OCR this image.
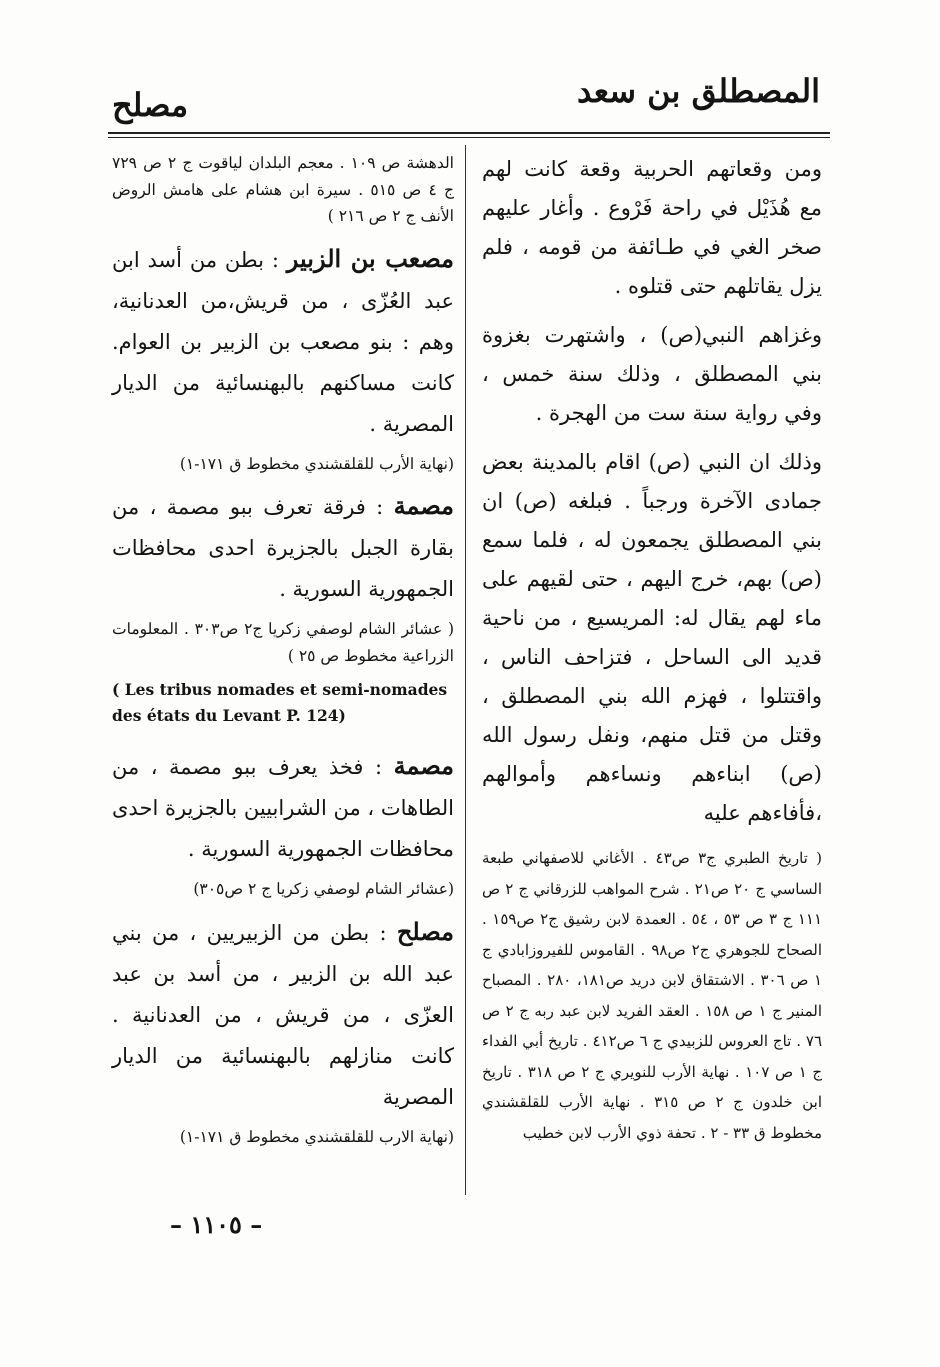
المصطلق بن سعد
مصلح

ومن وقعاتهم الحربية وقعة كانت لهم مع هُذَيْل في راحة فَرْوع . وأغار عليهم صخر الغي في طـائفة من قومه ، فلم يزل يقاتلهم حتى قتلوه .

وغزاهم النبي(ص) ، واشتهرت بغزوة بني المصطلق ، وذلك سنة خمس ، وفي رواية سنة ست من الهجرة .

وذلك ان النبي (ص) اقام بالمدينة بعض جمادى الآخرة ورجباً . فبلغه (ص) ان بني المصطلق يجمعون له ، فلما سمع (ص) بهم، خرج اليهم ، حتى لقيهم على ماء لهم يقال له: المريسيع ، من ناحية قديد الى الساحل ، فتزاحف الناس ، واقتتلوا ، فهزم الله بني المصطلق ، وقتل من قتل منهم، ونفل رسول الله (ص) ابناءهم ونساءهم وأموالهم ،فأفاءهم عليه

( تاريخ الطبري ج٣ ص٤٣ . الأغاني للاصفهاني طبعة الساسي ج ٢٠ ص٢١ . شرح المواهب للزرقاني ج ٢ ص ١١١ ج ٣ ص ٥٣ ، ٥٤ . العمدة لابن رشيق ج٢ ص١٥٩ . الصحاح للجوهري ج٢ ص٩٨ . القاموس للفيروزابادي ج ١ ص ٣٠٦ . الاشتقاق لابن دريد ص١٨١، ٢٨٠ . المصباح المنير ج ١ ص ١٥٨ . العقد الفريد لابن عبد ربه ج ٢ ص ٧٦ . تاج العروس للزبيدي ج ٦ ص٤١٢ . تاريخ أبي الفداء ج ١ ص ١٠٧ . نهاية الأرب للنويري ج ٢ ص ٣١٨ . تاريخ ابن خلدون ج ٢ ص ٣١٥ . نهاية الأرب للقلقشندي مخطوط ق ٣٣ - ٢ . تحفة ذوي الأرب لابن خطيب

الدهشة ص ١٠٩ . معجم البلدان لياقوت ج ٢ ص ٧٢٩ ج ٤ ص ٥١٥ . سيرة ابن هشام على هامش الروض الأنف ج ٢ ص ٢١٦ )

مصعب بن الزبير : بطن من أسد ابن عبد العُزّى ، من قريش،من العدنانية، وهم : بنو مصعب بن الزبير بن العوام. كانت مساكنهم بالبهنسائية من الديار المصرية .

(نهاية الأرب للقلقشندي مخطوط ق ١٧١-١)

مصمة : فرقة تعرف ببو مصمة ، من بقارة الجبل بالجزيرة احدى محافظات الجمهورية السورية .

( عشائر الشام لوصفي زكريا ج٢ ص٣٠٣ . المعلومات الزراعية مخطوط ص ٢٥ )

( Les tribus nomades et semi-nomades des états du Levant P. 124)

مصمة : فخذ يعرف ببو مصمة ، من الطاهات ، من الشرابيين بالجزيرة احدى محافظات الجمهورية السورية .

(عشائر الشام لوصفي زكريا ج ٢ ص٣٠٥)

مصلح : بطن من الزبيريين ، من بني عبد الله بن الزبير ، من أسد بن عبد العزّى ، من قريش ، من العدنانية . كانت منازلهم بالبهنسائية من الديار المصرية

(نهاية الارب للقلقشندي مخطوط ق ١٧١-١)

– ١١٠٥ –
